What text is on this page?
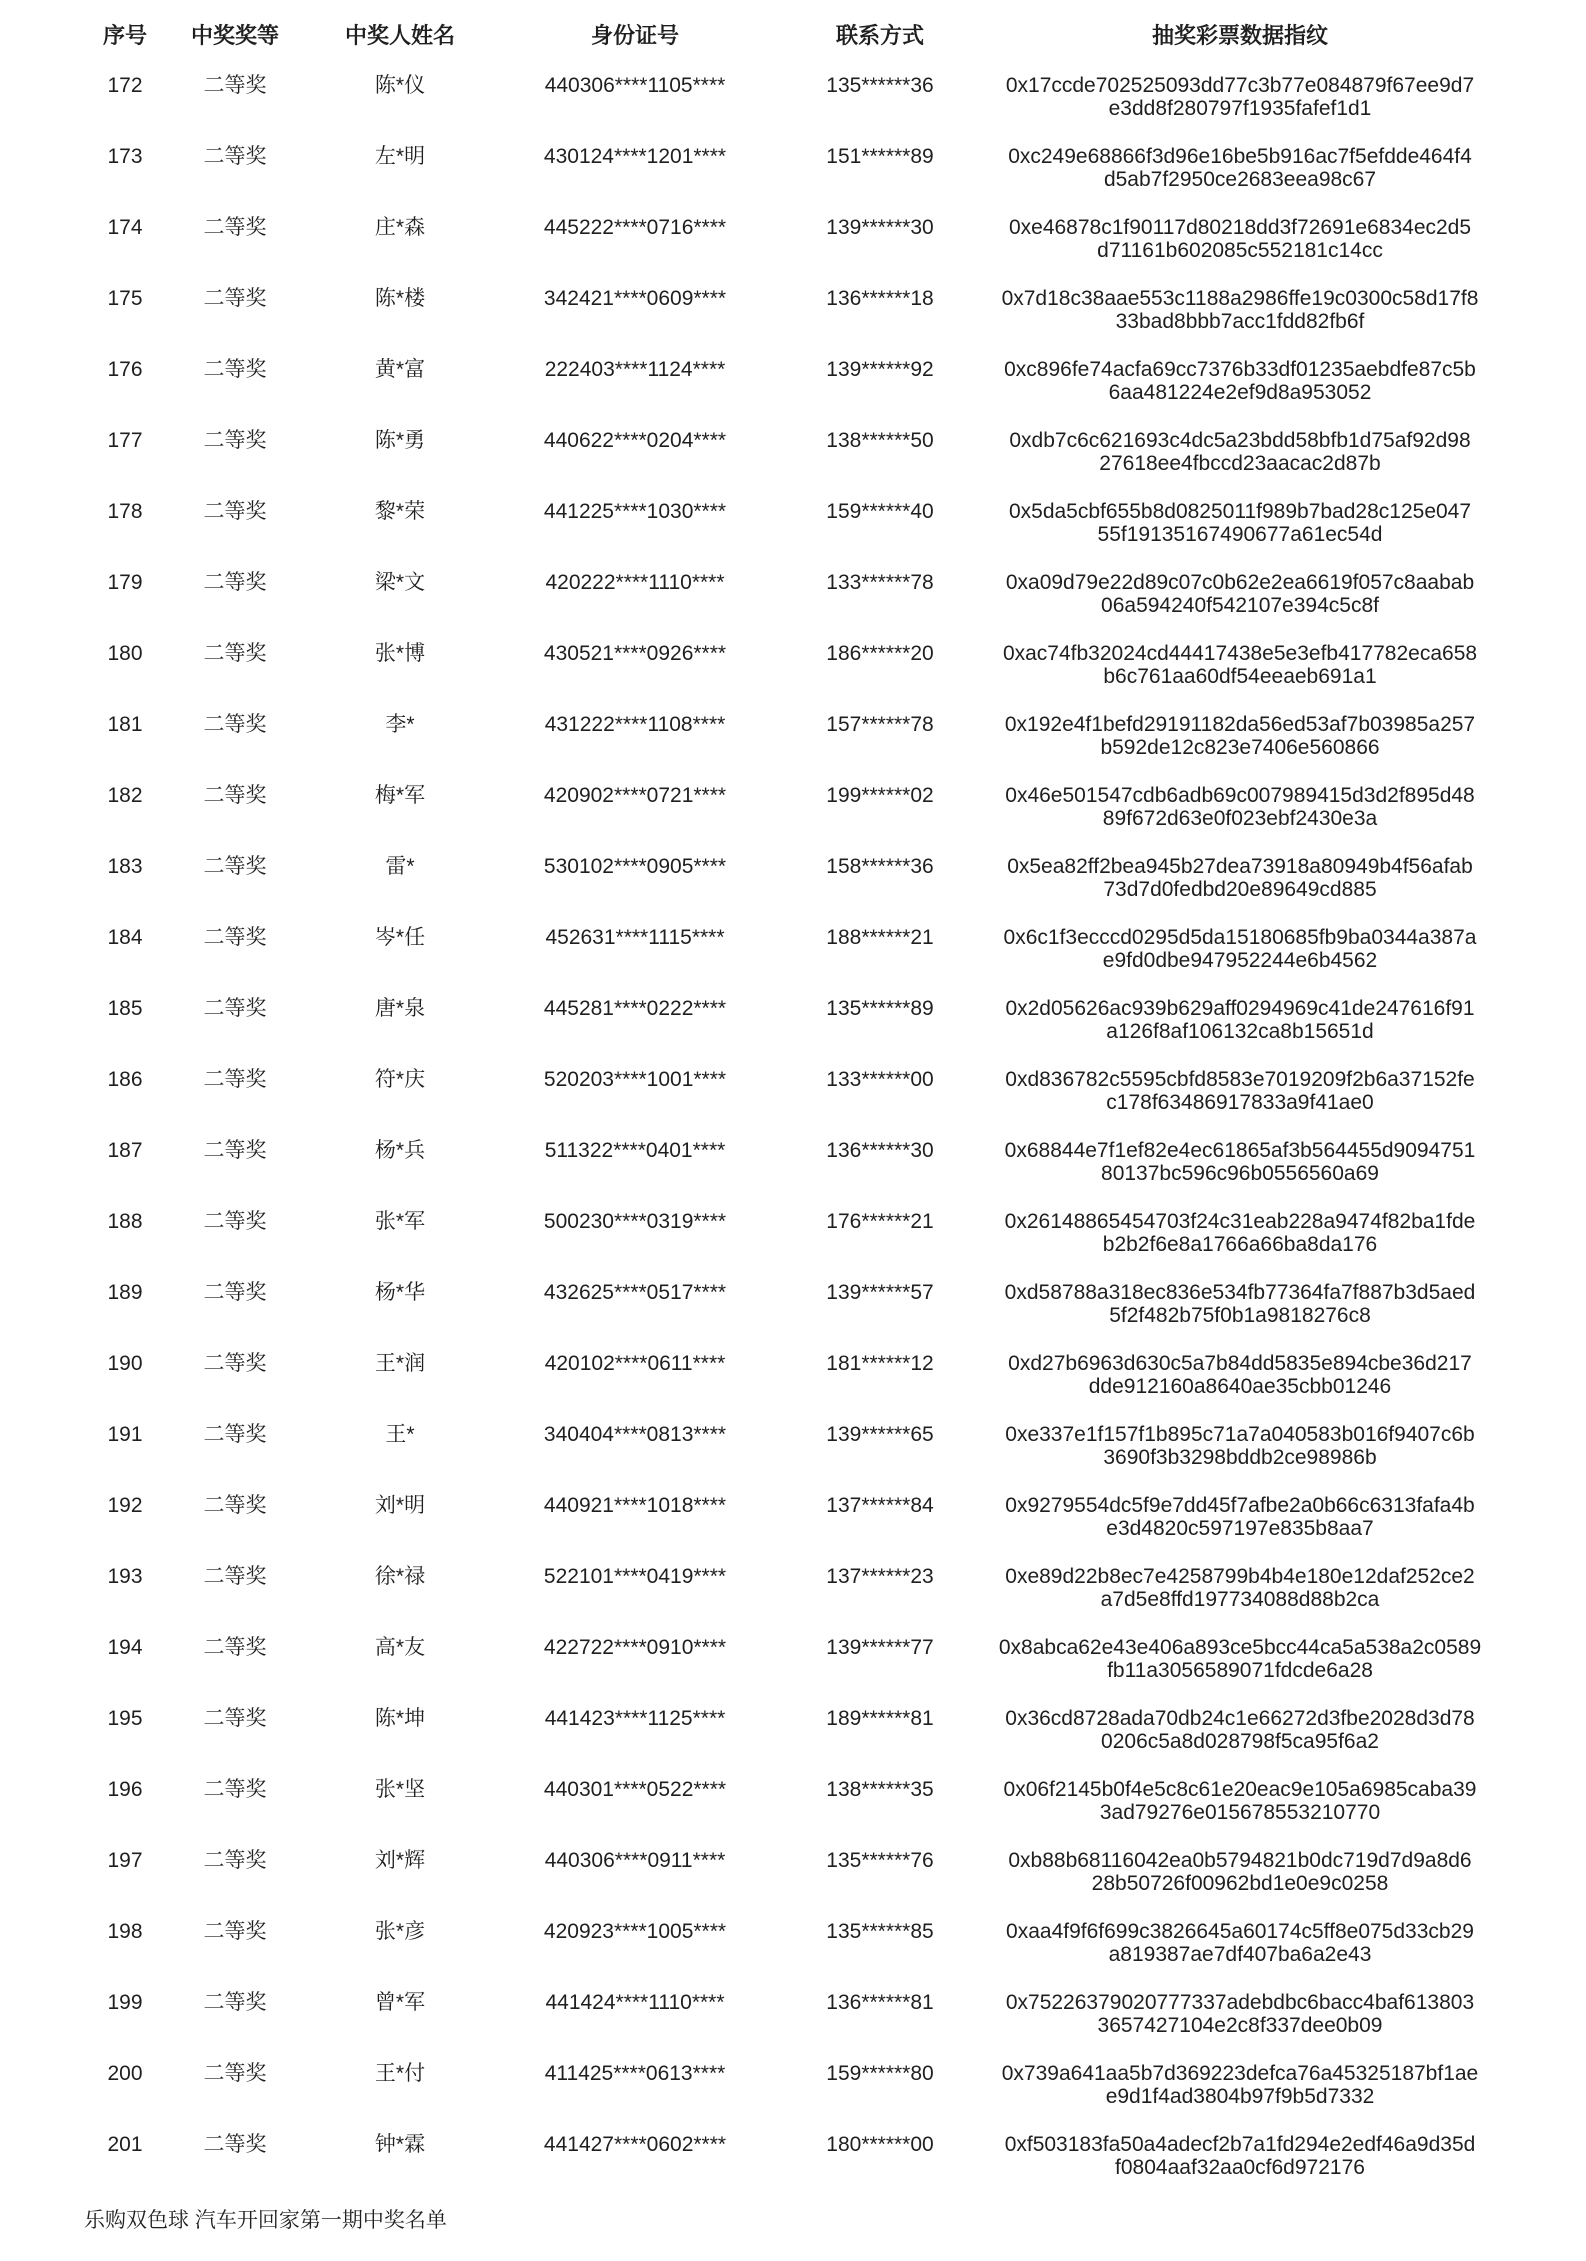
序号	中奖奖等	中奖人姓名	身份证号	联系方式	抽奖彩票数据指纹
172	二等奖	陈*仪	440306****1105****	135******36	0x17ccde702525093dd77c3b77e084879f67ee9d7
e3dd8f280797f1935fafef1d1
173	二等奖	左*明	430124****1201****	151******89	0xc249e68866f3d96e16be5b916ac7f5efdde464f4
d5ab7f2950ce2683eea98c67
174	二等奖	庄*森	445222****0716****	139******30	0xe46878c1f90117d80218dd3f72691e6834ec2d5
d71161b602085c552181c14cc
175	二等奖	陈*楼	342421****0609****	136******18	0x7d18c38aae553c1188a2986ffe19c0300c58d17f8
33bad8bbb7acc1fdd82fb6f
176	二等奖	黄*富	222403****1124****	139******92	0xc896fe74acfa69cc7376b33df01235aebdfe87c5b
6aa481224e2ef9d8a953052
177	二等奖	陈*勇	440622****0204****	138******50	0xdb7c6c621693c4dc5a23bdd58bfb1d75af92d98
27618ee4fbccd23aacac2d87b
178	二等奖	黎*荣	441225****1030****	159******40	0x5da5cbf655b8d0825011f989b7bad28c125e047
55f19135167490677a61ec54d
179	二等奖	梁*文	420222****1110****	133******78	0xa09d79e22d89c07c0b62e2ea6619f057c8aabab
06a594240f542107e394c5c8f
180	二等奖	张*博	430521****0926****	186******20	0xac74fb32024cd44417438e5e3efb417782eca658
b6c761aa60df54eeaeb691a1
181	二等奖	李*	431222****1108****	157******78	0x192e4f1befd29191182da56ed53af7b03985a257
b592de12c823e7406e560866
182	二等奖	梅*军	420902****0721****	199******02	0x46e501547cdb6adb69c007989415d3d2f895d48
89f672d63e0f023ebf2430e3a
183	二等奖	雷*	530102****0905****	158******36	0x5ea82ff2bea945b27dea73918a80949b4f56afab
73d7d0fedbd20e89649cd885
184	二等奖	岑*任	452631****1115****	188******21	0x6c1f3ecccd0295d5da15180685fb9ba0344a387a
e9fd0dbe947952244e6b4562
185	二等奖	唐*泉	445281****0222****	135******89	0x2d05626ac939b629aff0294969c41de247616f91
a126f8af106132ca8b15651d
186	二等奖	符*庆	520203****1001****	133******00	0xd836782c5595cbfd8583e7019209f2b6a37152fe
c178f63486917833a9f41ae0
187	二等奖	杨*兵	511322****0401****	136******30	0x68844e7f1ef82e4ec61865af3b564455d9094751
80137bc596c96b0556560a69
188	二等奖	张*军	500230****0319****	176******21	0x26148865454703f24c31eab228a9474f82ba1fde
b2b2f6e8a1766a66ba8da176
189	二等奖	杨*华	432625****0517****	139******57	0xd58788a318ec836e534fb77364fa7f887b3d5aed
5f2f482b75f0b1a9818276c8
190	二等奖	王*润	420102****0611****	181******12	0xd27b6963d630c5a7b84dd5835e894cbe36d217
dde912160a8640ae35cbb01246
191	二等奖	王*	340404****0813****	139******65	0xe337e1f157f1b895c71a7a040583b016f9407c6b
3690f3b3298bddb2ce98986b
192	二等奖	刘*明	440921****1018****	137******84	0x9279554dc5f9e7dd45f7afbe2a0b66c6313fafa4b
e3d4820c597197e835b8aa7
193	二等奖	徐*禄	522101****0419****	137******23	0xe89d22b8ec7e4258799b4b4e180e12daf252ce2
a7d5e8ffd197734088d88b2ca
194	二等奖	高*友	422722****0910****	139******77	0x8abca62e43e406a893ce5bcc44ca5a538a2c0589
fb11a3056589071fdcde6a28
195	二等奖	陈*坤	441423****1125****	189******81	0x36cd8728ada70db24c1e66272d3fbe2028d3d78
0206c5a8d028798f5ca95f6a2
196	二等奖	张*坚	440301****0522****	138******35	0x06f2145b0f4e5c8c61e20eac9e105a6985caba39
3ad79276e015678553210770
197	二等奖	刘*辉	440306****0911****	135******76	0xb88b68116042ea0b5794821b0dc719d7d9a8d6
28b50726f00962bd1e0e9c0258
198	二等奖	张*彦	420923****1005****	135******85	0xaa4f9f6f699c3826645a60174c5ff8e075d33cb29
a819387ae7df407ba6a2e43
199	二等奖	曾*军	441424****1110****	136******81	0x75226379020777337adebdbc6bacc4baf613803
3657427104e2c8f337dee0b09
200	二等奖	王*付	411425****0613****	159******80	0x739a641aa5b7d369223defca76a45325187bf1ae
e9d1f4ad3804b97f9b5d7332
201	二等奖	钟*霖	441427****0602****	180******00	0xf503183fa50a4adecf2b7a1fd294e2edf46a9d35d
f0804aaf32aa0cf6d972176
乐购双色球 汽车开回家第一期中奖名单
